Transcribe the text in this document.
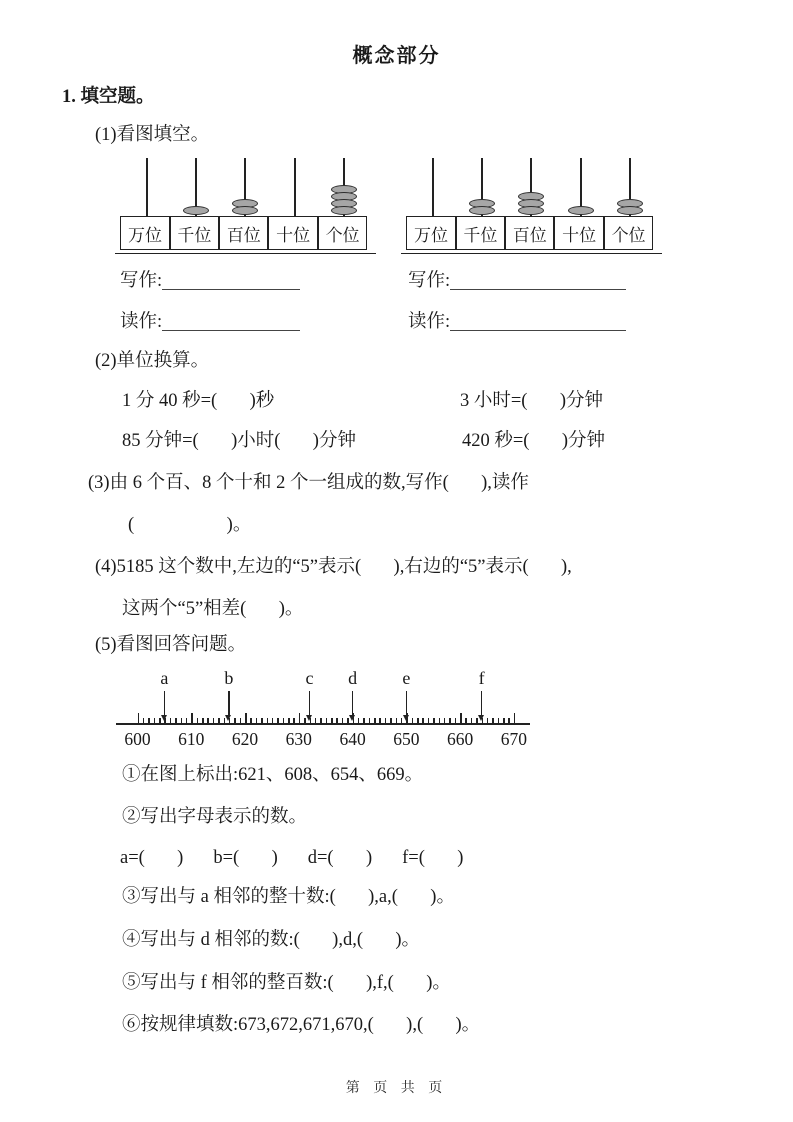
概念部分
1. 填空题。
(1)看图填空。
万位 千位 百位 十位 个位	万位 千位 百位 十位 个位
写作:	写作:
读作:	读作:
(2)单位换算。
1 分 40 秒=(       )秒	3 小时=(       )分钟
85 分钟=(       )小时(       )分钟	420 秒=(       )分钟
(3)由 6 个百、8 个十和 2 个一组成的数,写作(       ),读作
(                    )。
(4)5185 这个数中,左边的“5”表示(       ),右边的“5”表示(       ),
这两个“5”相差(       )。
(5)看图回答问题。
600 610 620 630 640 650 660 670
a	b	c d	e	f
①在图上标出:621、608、654、669。
②写出字母表示的数。
a=(       ) b=(       ) d=(       ) f=(       )
③写出与 a 相邻的整十数:(       ),a,(       )。
④写出与 d 相邻的数:(       ),d,(       )。
⑤写出与 f 相邻的整百数:(       ),f,(       )。
⑥按规律填数:673,672,671,670,(       ),(       )。
第 页 共 页
